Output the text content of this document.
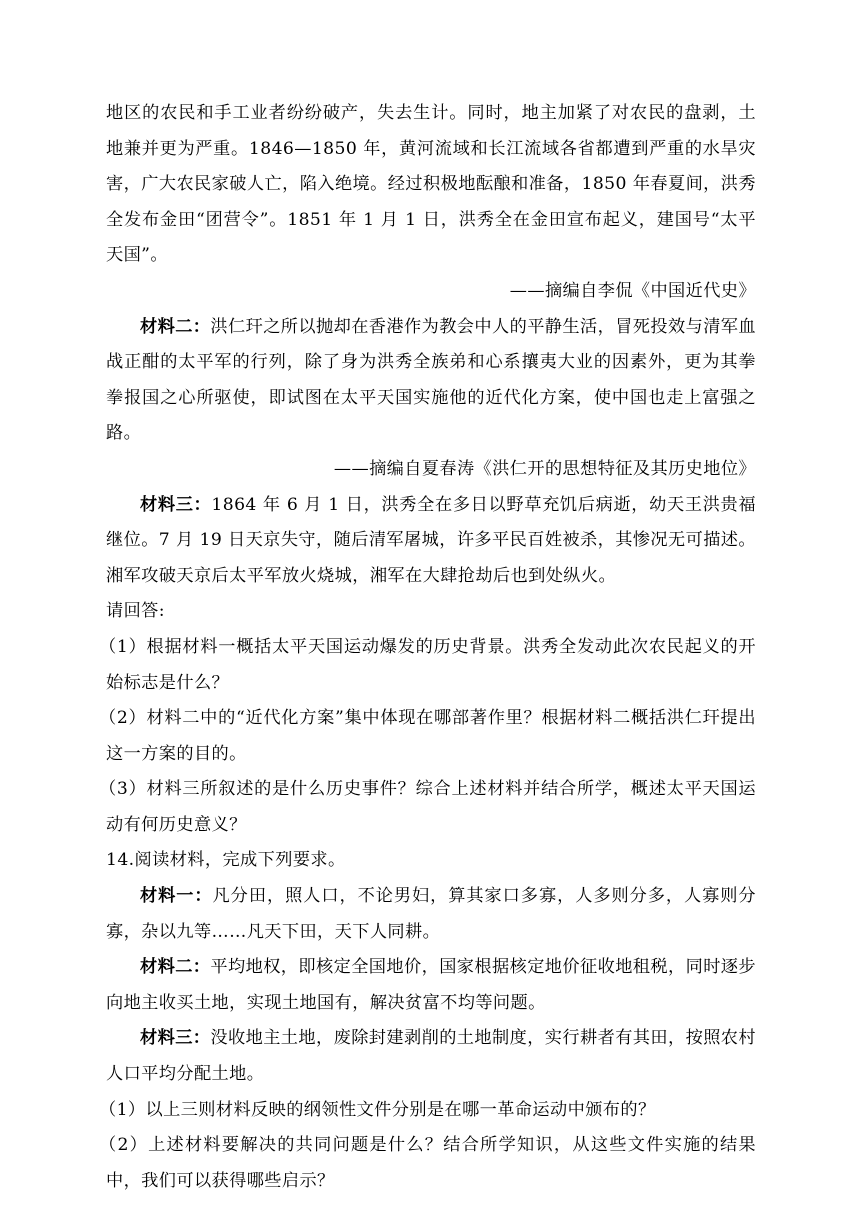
地区的农民和手工业者纷纷破产，失去生计。同时，地主加紧了对农民的盘剥，土地兼并更为严重。1846—1850 年，黄河流域和长江流域各省都遭到严重的水旱灾害，广大农民家破人亡，陷入绝境。经过积极地酝酿和准备，1850 年春夏间，洪秀全发布金田“团营令”。1851 年 1 月 1 日，洪秀全在金田宣布起义，建国号“太平天国”。

——摘编自李侃《中国近代史》

材料二：洪仁玕之所以抛却在香港作为教会中人的平静生活，冒死投效与清军血战正酣的太平军的行列，除了身为洪秀全族弟和心系攘夷大业的因素外，更为其拳拳报国之心所驱使，即试图在太平天国实施他的近代化方案，使中国也走上富强之路。

——摘编自夏春涛《洪仁开的思想特征及其历史地位》

材料三：1864 年 6 月 1 日，洪秀全在多日以野草充饥后病逝，幼天王洪贵福继位。7 月 19 日天京失守，随后清军屠城，许多平民百姓被杀，其惨况无可描述。湘军攻破天京后太平军放火烧城，湘军在大肆抢劫后也到处纵火。

请回答:

（1）根据材料一概括太平天国运动爆发的历史背景。洪秀全发动此次农民起义的开始标志是什么？

（2）材料二中的“近代化方案”集中体现在哪部著作里？根据材料二概括洪仁玕提出这一方案的目的。

（3）材料三所叙述的是什么历史事件？综合上述材料并结合所学，概述太平天国运动有何历史意义？

14.阅读材料，完成下列要求。

材料一：凡分田，照人口，不论男妇，算其家口多寡，人多则分多，人寡则分寡，杂以九等……凡天下田，天下人同耕。

材料二：平均地权，即核定全国地价，国家根据核定地价征收地租税，同时逐步向地主收买土地，实现土地国有，解决贫富不均等问题。

材料三：没收地主土地，废除封建剥削的土地制度，实行耕者有其田，按照农村人口平均分配土地。

（1）以上三则材料反映的纲领性文件分别是在哪一革命运动中颁布的？

（2）上述材料要解决的共同问题是什么？结合所学知识，从这些文件实施的结果中，我们可以获得哪些启示？
